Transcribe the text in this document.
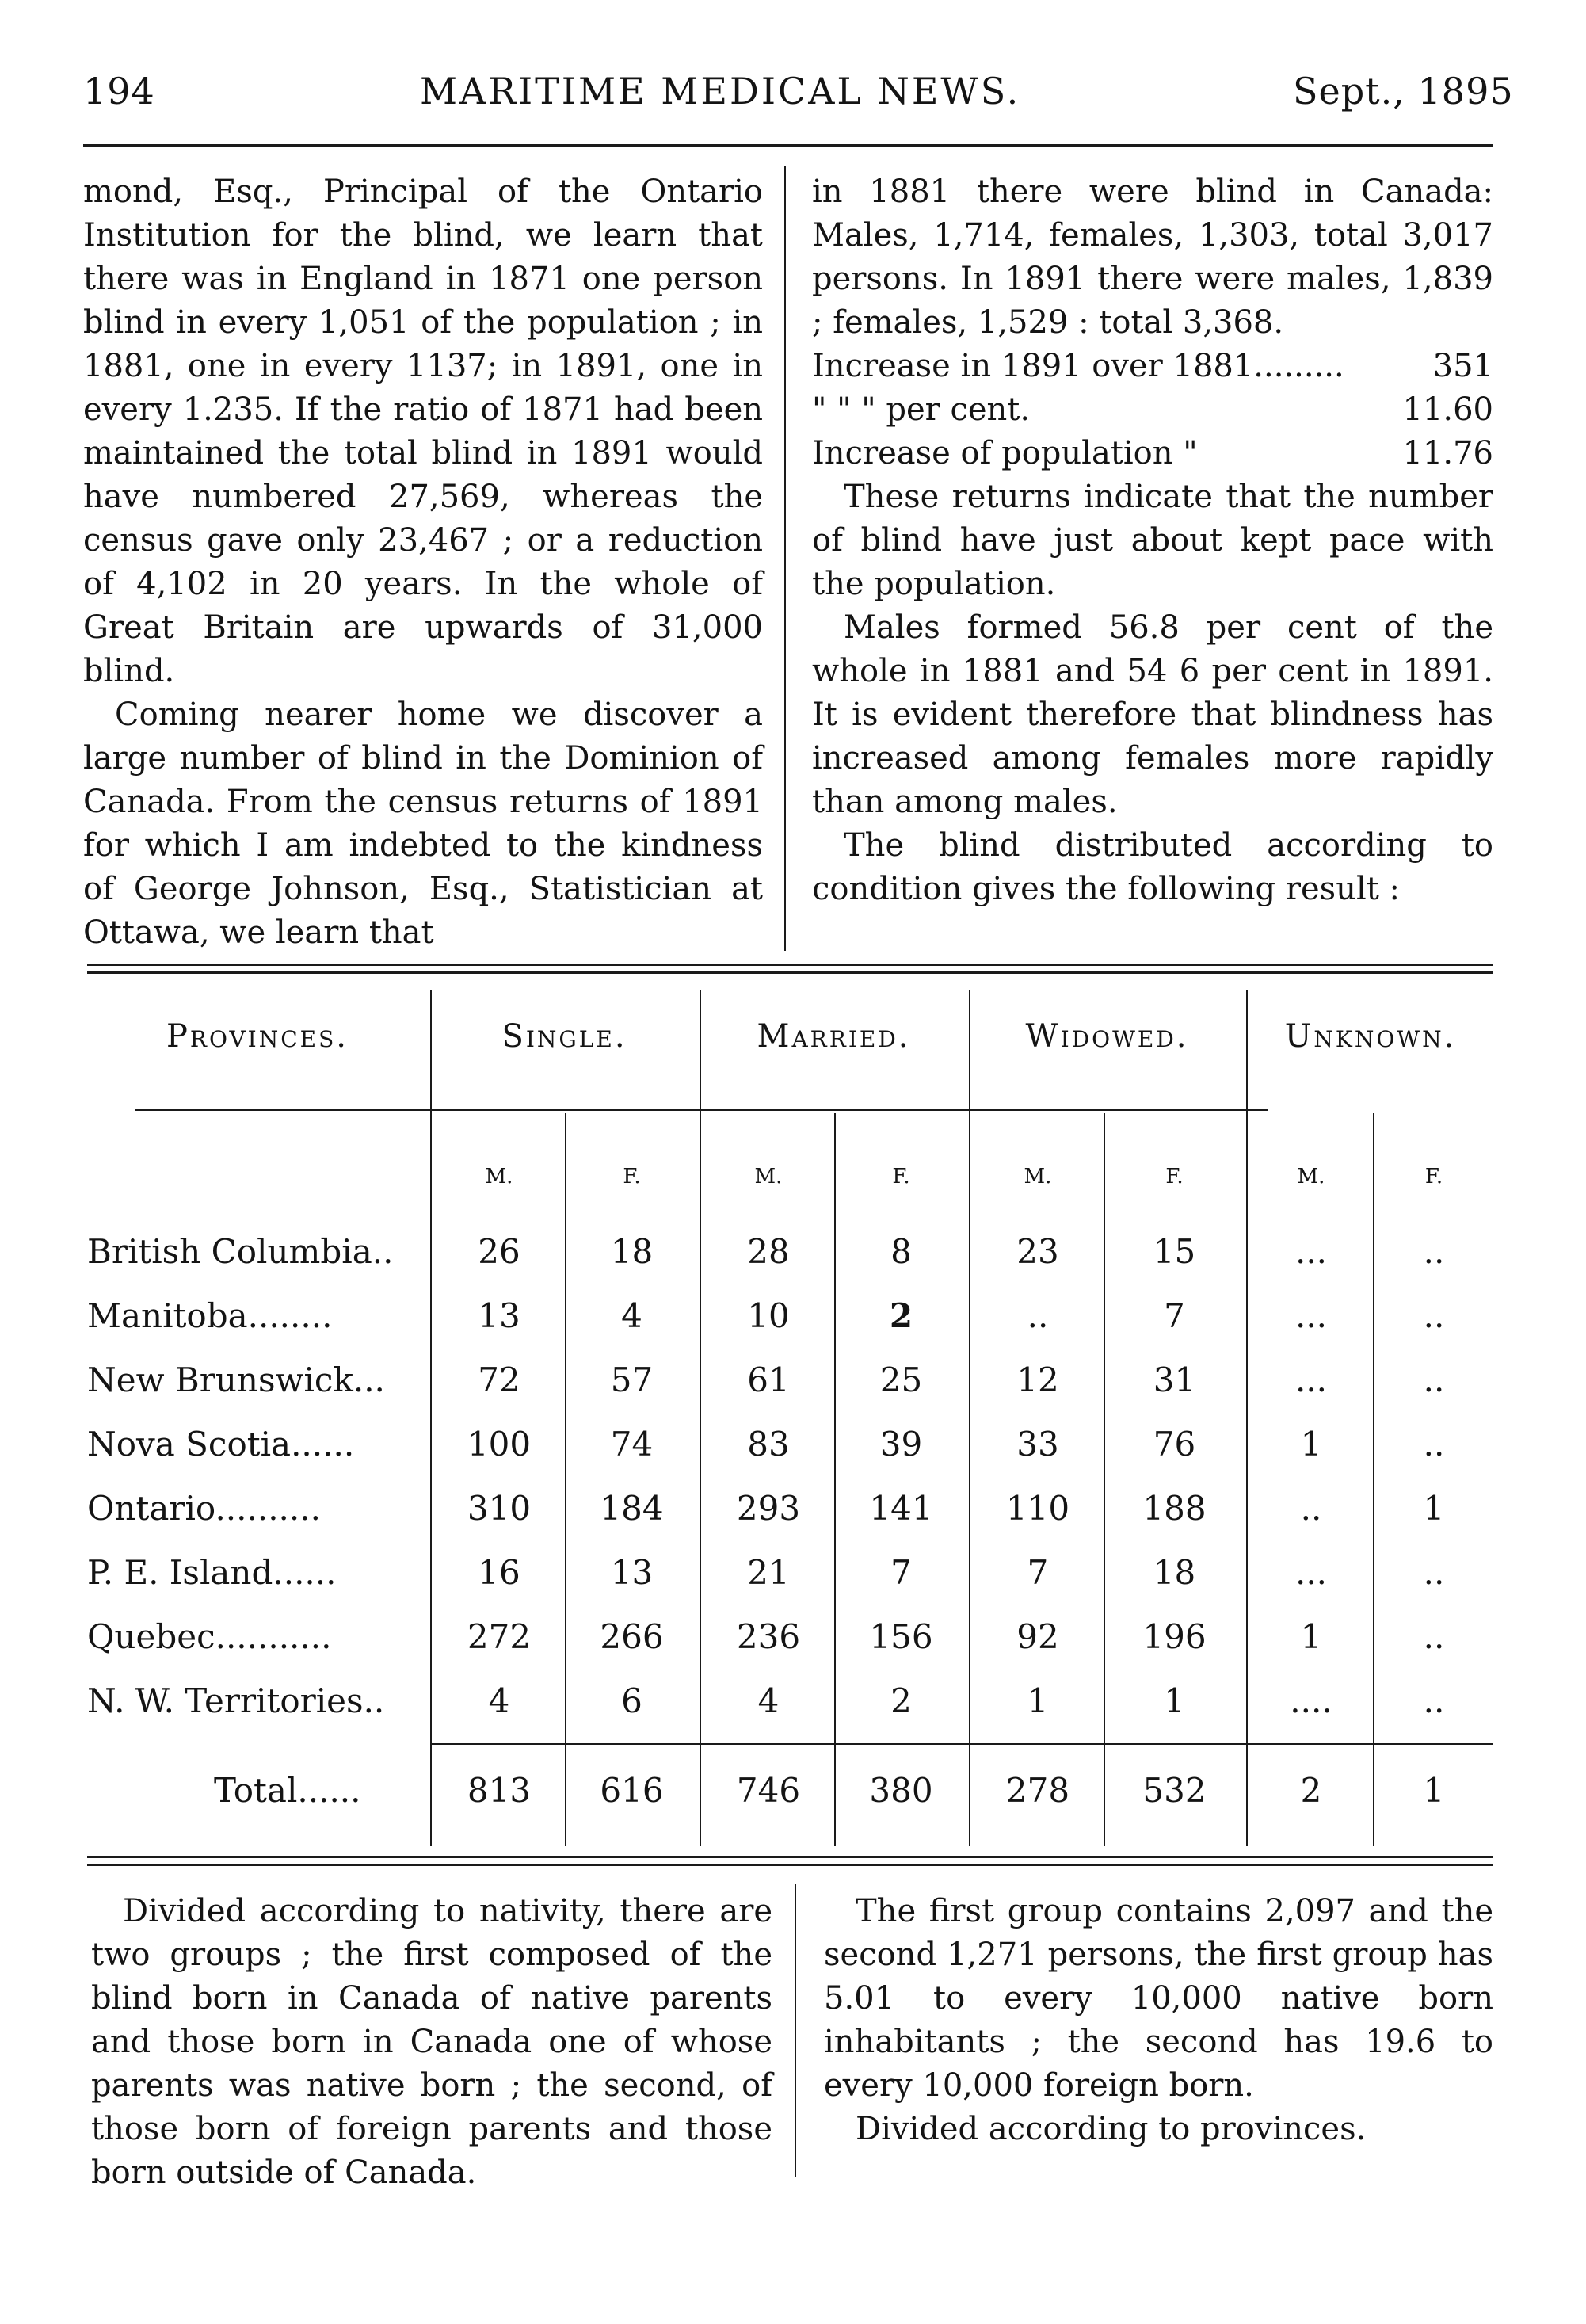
194	MARITIME MEDICAL NEWS.	Sept., 1895

mond, Esq., Principal of the Ontario Institution for the blind, we learn that there was in England in 1871 one person blind in every 1,051 of the population ; in 1881, one in every 1137; in 1891, one in every 1.235. If the ratio of 1871 had been maintained the total blind in 1891 would have numbered 27,569, whereas the census gave only 23,467 ; or a reduction of 4,102 in 20 years. In the whole of Great Britain are upwards of 31,000 blind.

Coming nearer home we discover a large number of blind in the Dominion of Canada. From the census returns of 1891 for which I am indebted to the kindness of George Johnson, Esq., Statistician at Ottawa, we learn that

in 1881 there were blind in Canada: Males, 1,714, females, 1,303, total 3,017 persons. In 1891 there were males, 1,839 ; females, 1,529 : total 3,368.

Increase in 1891 over 1881.........	351
" " " per cent.	11.60
Increase of population "	11.76

These returns indicate that the number of blind have just about kept pace with the population.

Males formed 56.8 per cent of the whole in 1881 and 54 6 per cent in 1891. It is evident therefore that blindness has increased among females more rapidly than among males.

The blind distributed according to condition gives the following result :

Provinces.	Single.	Married.	Widowed.	Unknown.
M.	F.	M.	F.	M.	F.	M.	F.
British Columbia..	26	18	28	8	23	15	...	..
Manitoba........	13	4	10	2	..	7	...	..
New Brunswick...	72	57	61	25	12	31	...	..
Nova Scotia......	100	74	83	39	33	76	1	..
Ontario..........	310	184	293	141	110	188	..	1
P. E. Island......	16	13	21	7	7	18	...	..
Quebec...........	272	266	236	156	92	196	1	..
N. W. Territories..	4	6	4	2	1	1	....	..
Total......	813	616	746	380	278	532	2	1

Divided according to nativity, there are two groups ; the first composed of the blind born in Canada of native parents and those born in Canada one of whose parents was native born ; the second, of those born of foreign parents and those born outside of Canada.

The first group contains 2,097 and the second 1,271 persons, the first group has 5.01 to every 10,000 native born inhabitants ; the second has 19.6 to every 10,000 foreign born.

Divided according to provinces.
